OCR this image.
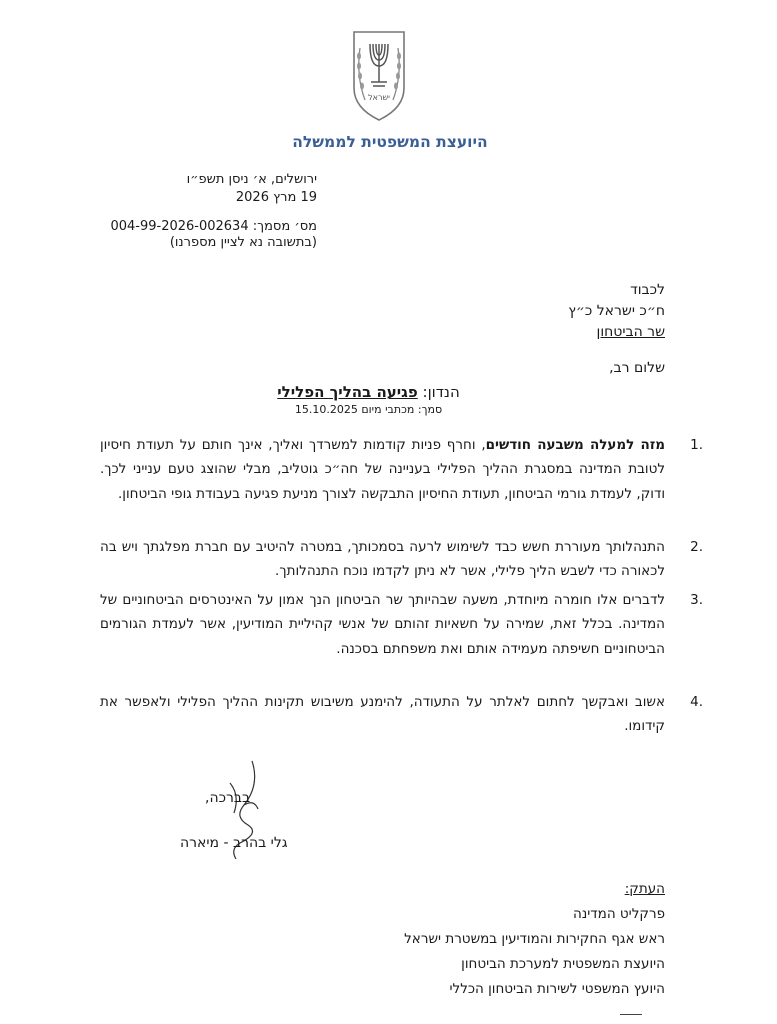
ישראל
היועצת המשפטית לממשלה
ירושלים, א׳ ניסן תשפ״ו
19 מרץ 2026
מס׳ מסמך: 004-99-2026-002634
(בתשובה נא לציין מספרנו)
לכבוד
ח״כ ישראל כ״ץ
שר הביטחון
שלום רב,
הנדון: פגיעה בהליך הפלילי
סמך: מכתבי מיום 15.10.2025
.1
מזה למעלה משבעה חודשים, וחרף פניות קודמות למשרדך ואליך, אינך חותם על תעודת חיסיון לטובת המדינה במסגרת ההליך הפלילי בעניינה של חה״כ גוטליב, מבלי שהוצג טעם ענייני לכך. ודוק, לעמדת גורמי הביטחון, תעודת החיסיון התבקשה לצורך מניעת פגיעה בעבודת גופי הביטחון.
.2
התנהלותך מעוררת חשש כבד לשימוש לרעה בסמכותך, במטרה להיטיב עם חברת מפלגתך ויש בה לכאורה כדי לשבש הליך פלילי, אשר לא ניתן לקדמו נוכח התנהלותך.
.3
לדברים אלו חומרה מיוחדת, משעה שבהיותך שר הביטחון הנך אמון על האינטרסים הביטחוניים של המדינה. בכלל זאת, שמירה על חשאיות זהותם של אנשי קהיליית המודיעין, אשר לעמדת הגורמים הביטחוניים חשיפתה מעמידה אותם ואת משפחתם בסכנה.
.4
אשוב ואבקשך לחתום לאלתר על התעודה, להימנע משיבוש תקינות ההליך הפלילי ולאפשר את קידומו.
בברכה,
גלי בהרב - מיארה
העתק:
פרקליט המדינה
ראש אגף החקירות והמודיעין במשטרת ישראל
היועצת המשפטית למערכת הביטחון
היועץ המשפטי לשירות הביטחון הכללי
